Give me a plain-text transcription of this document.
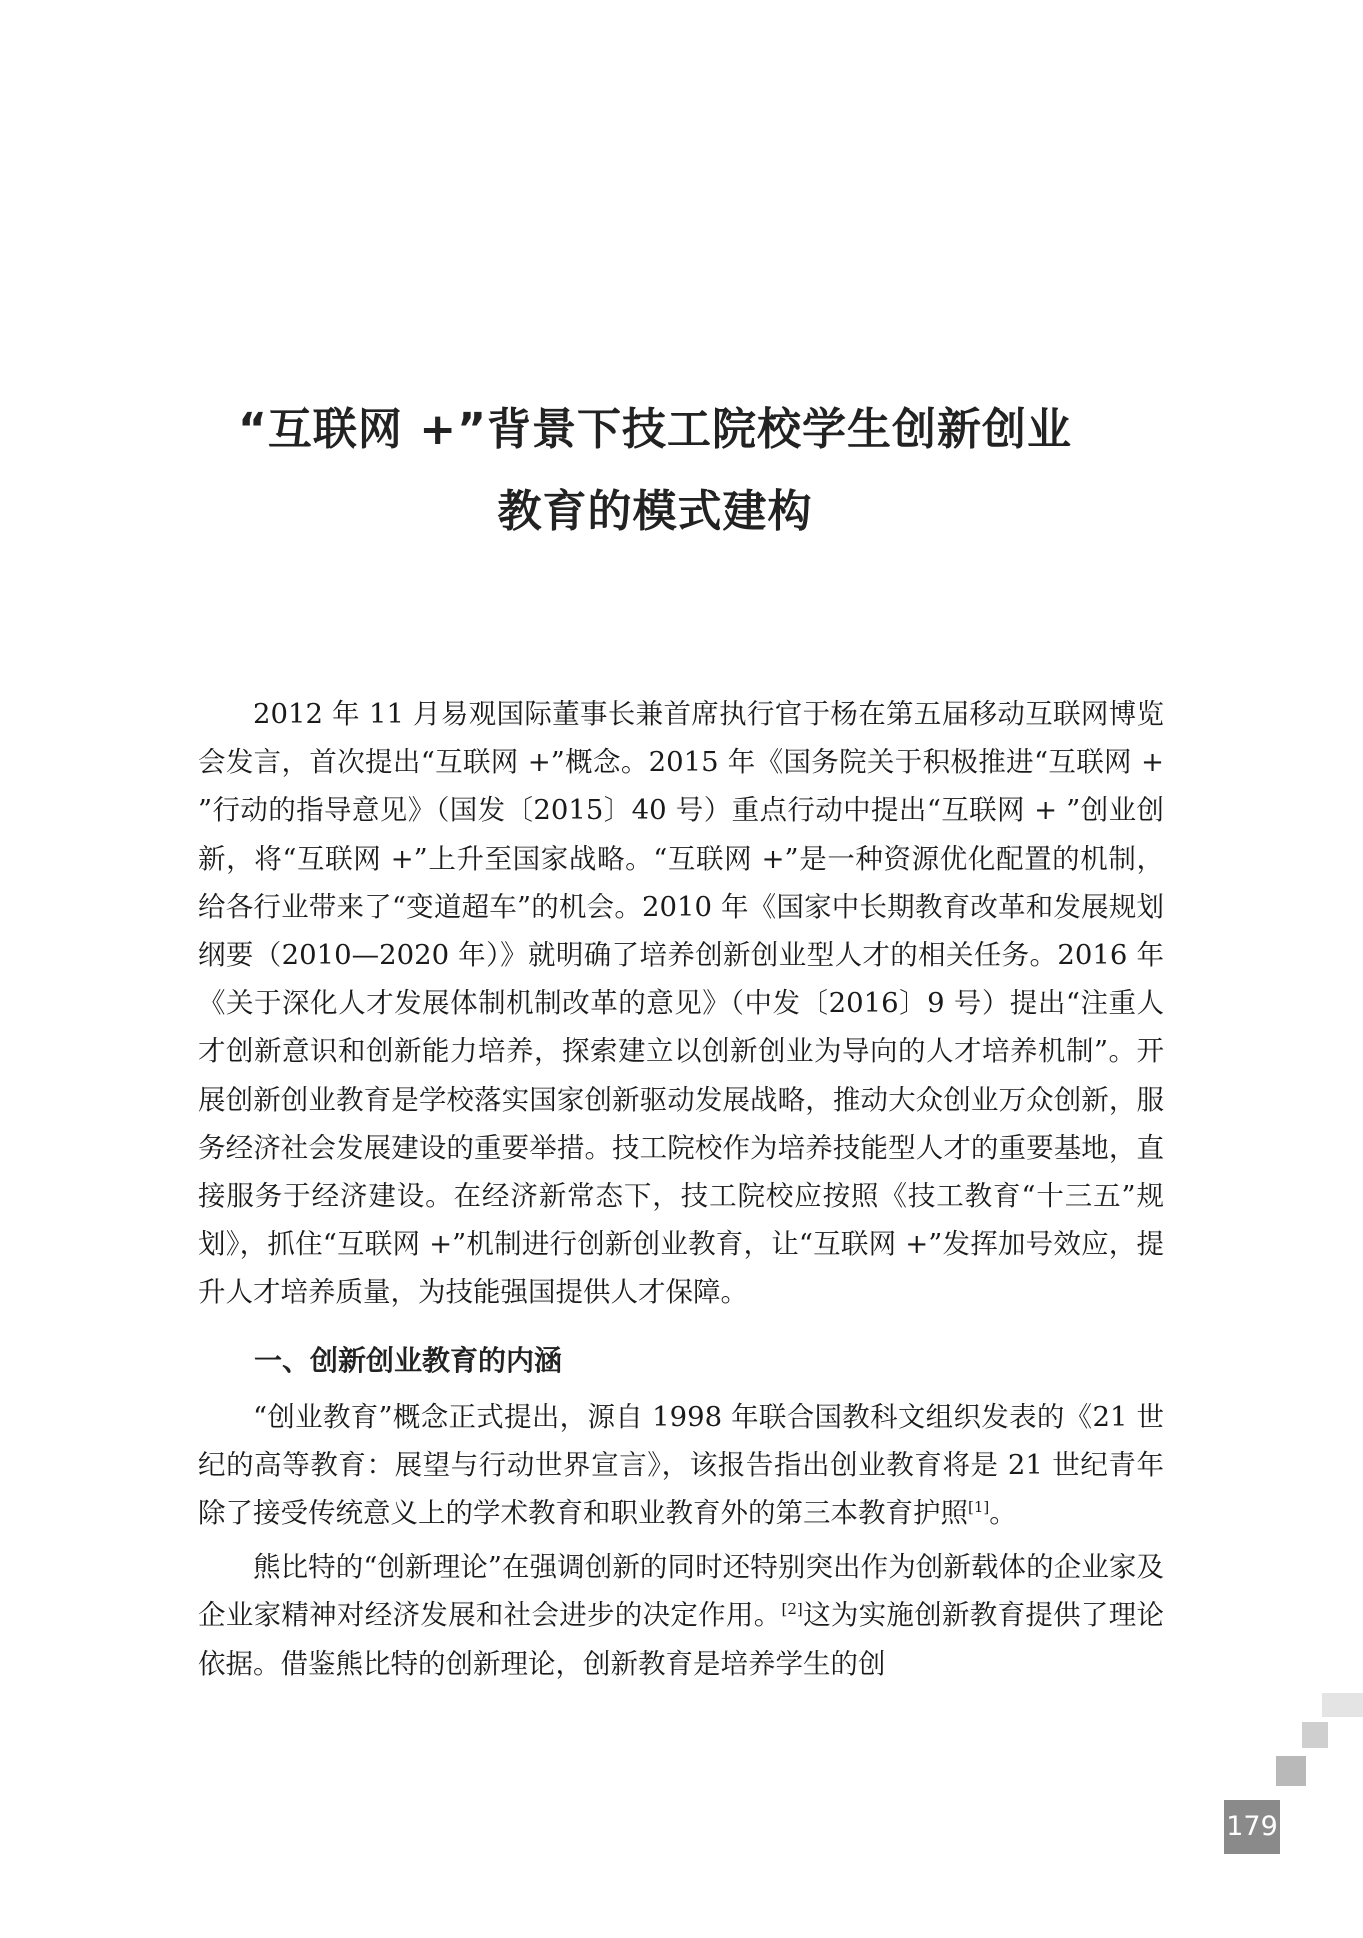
“互联网 +”背景下技工院校学生创新创业
教育的模式建构

2012 年 11 月易观国际董事长兼首席执行官于杨在第五届移动互联网博览会发言，首次提出“互联网 +”概念。2015 年《国务院关于积极推进“互联网 + ”行动的指导意见》（国发〔2015〕40 号）重点行动中提出“互联网 + ”创业创新，将“互联网 +”上升至国家战略。“互联网 +”是一种资源优化配置的机制，给各行业带来了“变道超车”的机会。2010 年《国家中长期教育改革和发展规划纲要（2010—2020 年）》就明确了培养创新创业型人才的相关任务。2016 年《关于深化人才发展体制机制改革的意见》（中发〔2016〕9 号）提出“注重人才创新意识和创新能力培养，探索建立以创新创业为导向的人才培养机制”。开展创新创业教育是学校落实国家创新驱动发展战略，推动大众创业万众创新，服务经济社会发展建设的重要举措。技工院校作为培养技能型人才的重要基地，直接服务于经济建设。在经济新常态下，技工院校应按照《技工教育“十三五”规划》，抓住“互联网 +”机制进行创新创业教育，让“互联网 +”发挥加号效应，提升人才培养质量，为技能强国提供人才保障。

一、创新创业教育的内涵

“创业教育”概念正式提出，源自 1998 年联合国教科文组织发表的《21 世纪的高等教育：展望与行动世界宣言》，该报告指出创业教育将是 21 世纪青年除了接受传统意义上的学术教育和职业教育外的第三本教育护照[1]。

熊比特的“创新理论”在强调创新的同时还特别突出作为创新载体的企业家及企业家精神对经济发展和社会进步的决定作用。[2]这为实施创新教育提供了理论依据。借鉴熊比特的创新理论，创新教育是培养学生的创

179
